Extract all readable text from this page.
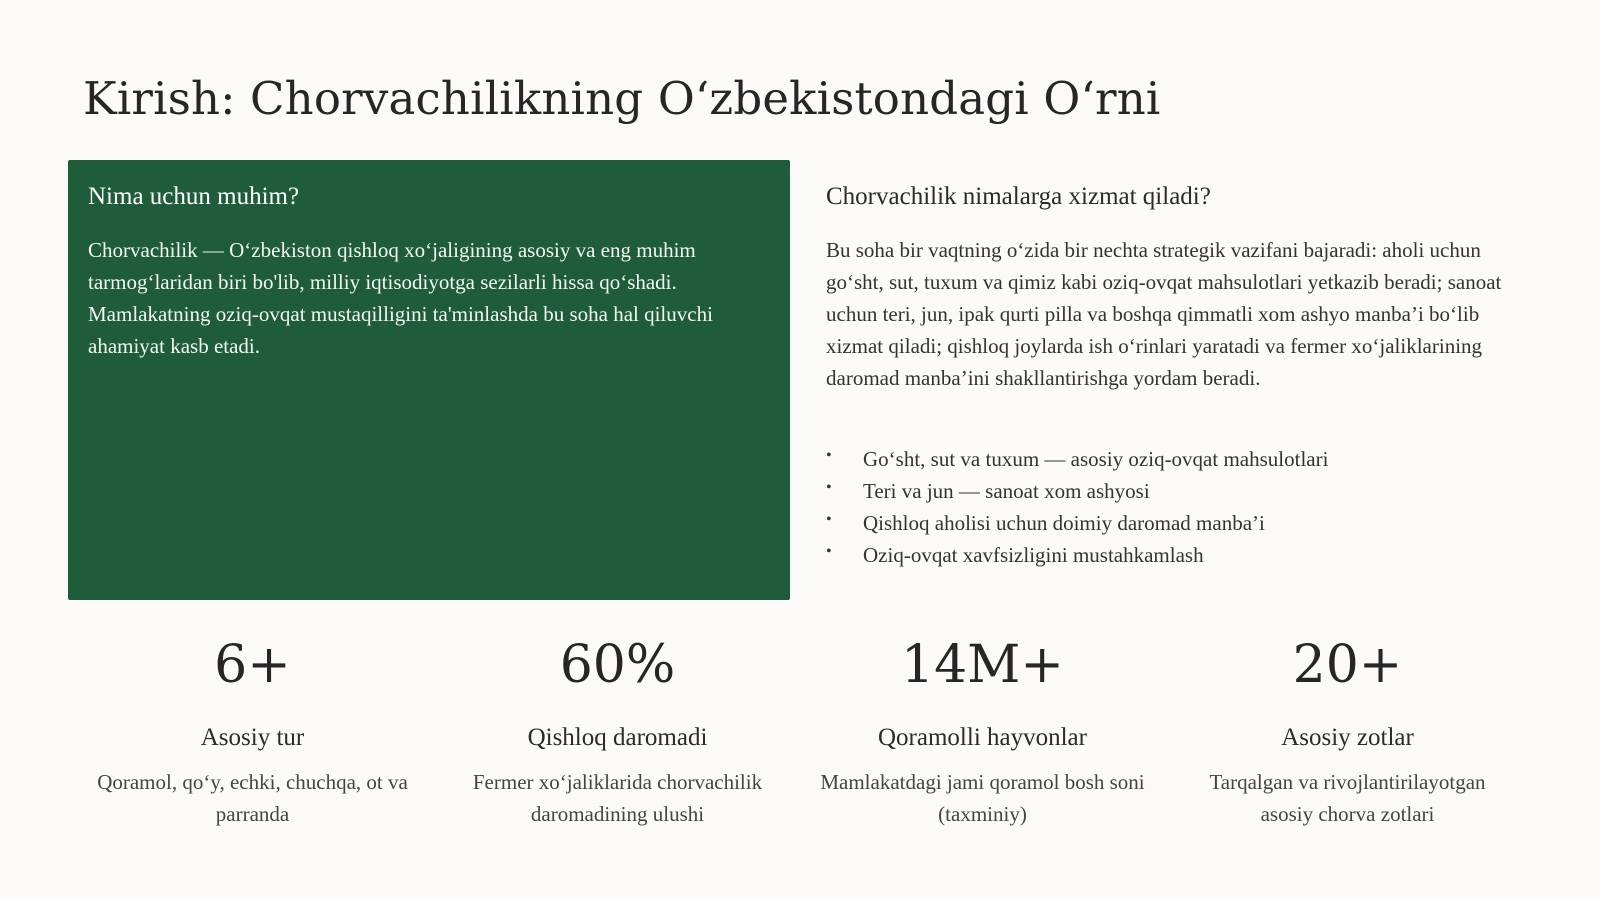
Kirish: Chorvachilikning O‘zbekistondagi O‘rni
Nima uchun muhim?

Chorvachilik — O‘zbekiston qishloq xo‘jaligining asosiy va eng muhim tarmog‘laridan biri bo'lib, milliy iqtisodiyotga sezilarli hissa qo‘shadi. Mamlakatning oziq-ovqat mustaqilligini ta'minlashda bu soha hal qiluvchi ahamiyat kasb etadi.

Chorvachilik nimalarga xizmat qiladi?

Bu soha bir vaqtning o‘zida bir nechta strategik vazifani bajaradi: aholi uchun go‘sht, sut, tuxum va qimiz kabi oziq-ovqat mahsulotlari yetkazib beradi; sanoat uchun teri, jun, ipak qurti pilla va boshqa qimmatli xom ashyo manba’i bo‘lib xizmat qiladi; qishloq joylarda ish o‘rinlari yaratadi va fermer xo‘jaliklarining daromad manba’ini shakllantirishga yordam beradi.

• Go‘sht, sut va tuxum — asosiy oziq-ovqat mahsulotlari
• Teri va jun — sanoat xom ashyosi
• Qishloq aholisi uchun doimiy daromad manba’i
• Oziq-ovqat xavfsizligini mustahkamlash
6+
Asosiy tur
Qoramol, qo‘y, echki, chuchqa, ot va parranda
60%
Qishloq daromadi
Fermer xo‘jaliklarida chorvachilik daromadining ulushi
14M+
Qoramolli hayvonlar
Mamlakatdagi jami qoramol bosh soni (taxminiy)
20+
Asosiy zotlar
Tarqalgan va rivojlantirilayotgan asosiy chorva zotlari
